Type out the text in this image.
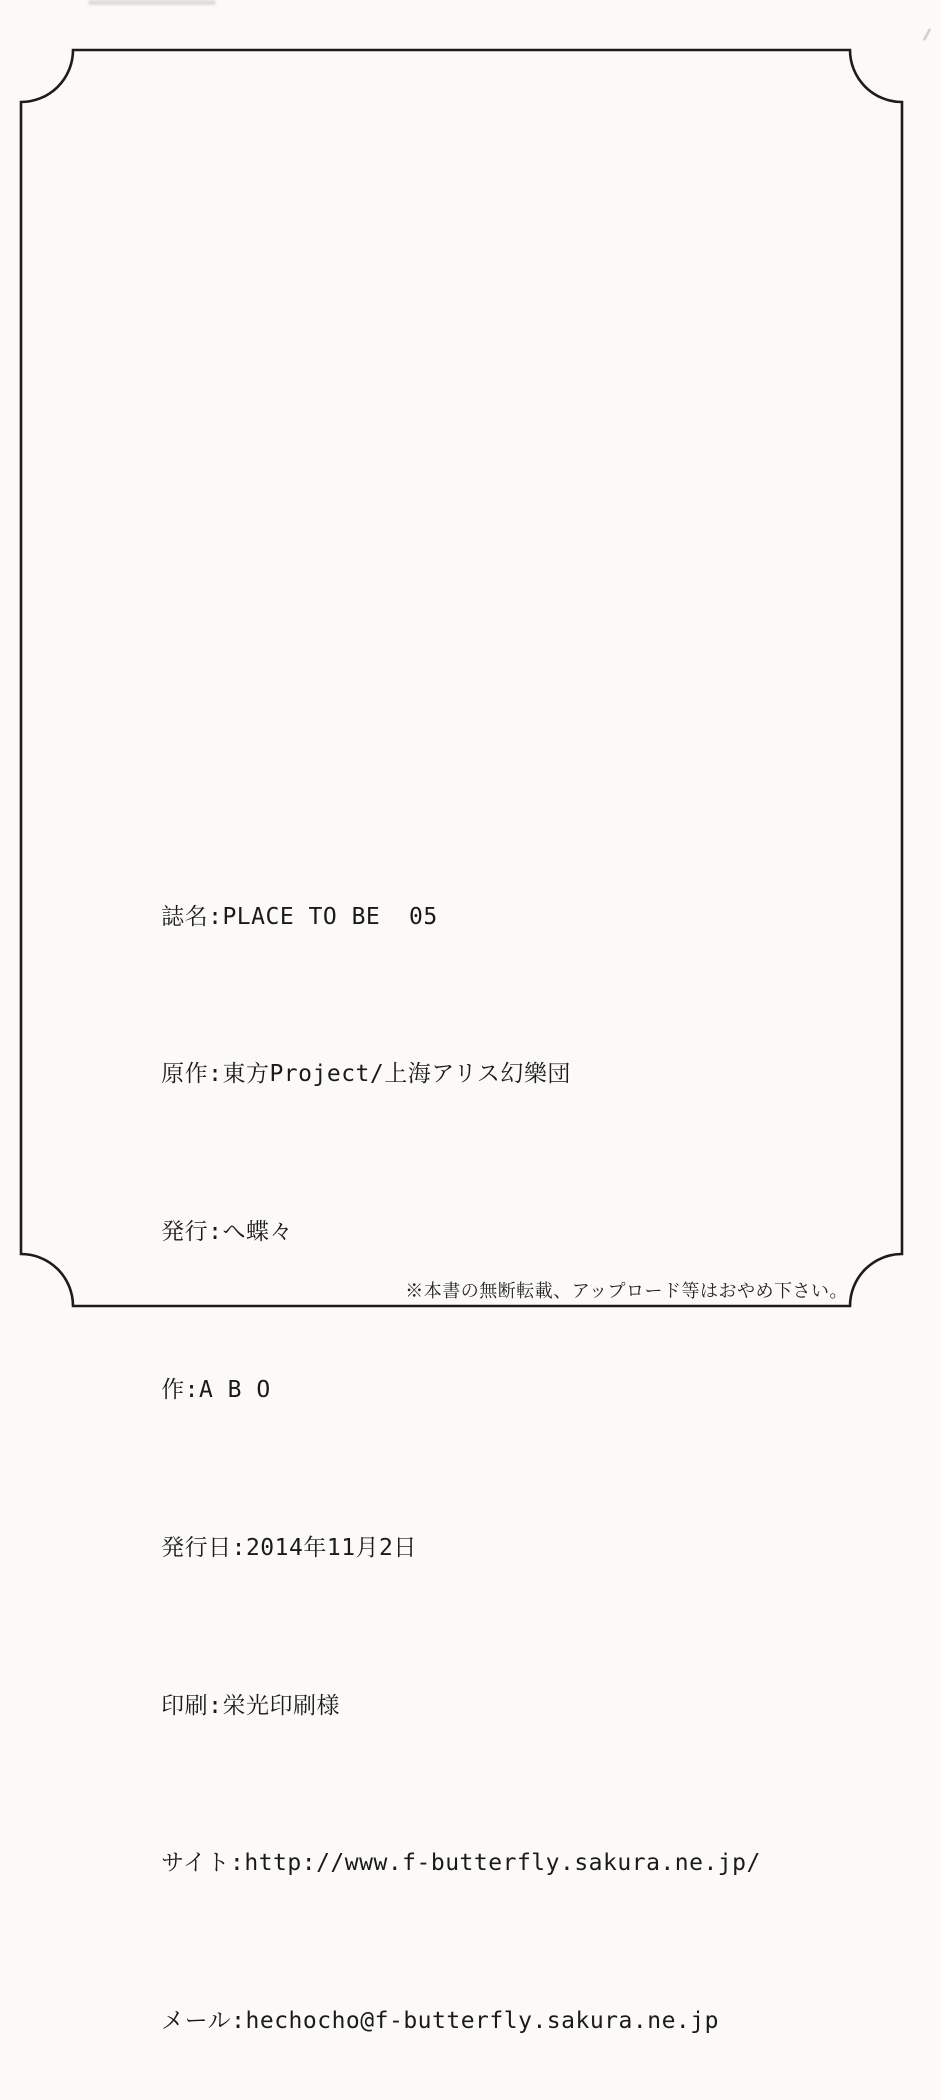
誌名:PLACE TO BE  05

原作:東方Project/上海アリス幻樂団

発行:へ蝶々

作:A B O

発行日:2014年11月2日

印刷:栄光印刷様

サイト:http://www.f-butterfly.sakura.ne.jp/

メール:hechocho@f-butterfly.sakura.ne.jp

※本書の無断転載、アップロード等はおやめ下さい。
